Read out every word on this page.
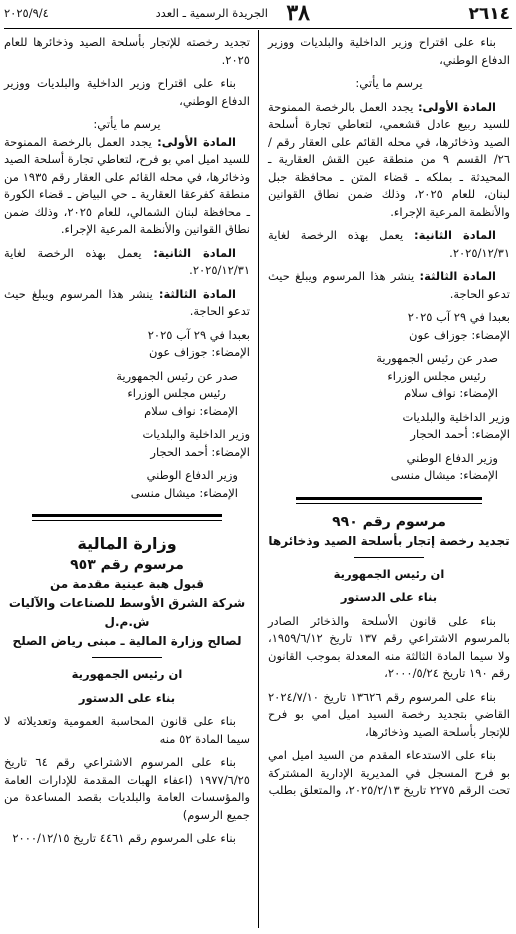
٢٦١٤
الجريدة الرسمية ـ العدد ٣٨
٢٠٢٥/٩/٤

بناء على اقتراح وزير الداخلية والبلديات ووزير الدفاع الوطني،

يرسم ما يأتي:

المادة الأولى: يجدد العمل بالرخصة الممنوحة للسيد ربيع عادل قشعمي، لتعاطي تجارة أسلحة الصيد وذخائرها، في محله القائم على العقار رقم / ٢٦/ القسم ٩ من منطقة عين القش العقارية ـ المحيدثة ـ بملكه ـ قضاء المتن ـ محافظة جبل لبنان، للعام ٢٠٢٥، وذلك ضمن نطاق القوانين والأنظمة المرعية الإجراء.

المادة الثانية: يعمل بهذه الرخصة لغاية ٢٠٢٥/١٢/٣١.

المادة الثالثة: ينشر هذا المرسوم ويبلغ حيث تدعو الحاجة.

بعبدا في ٢٩ آب ٢٠٢٥

الإمضاء: جوزاف عون

صدر عن رئيس الجمهورية

رئيس مجلس الوزراء

الإمضاء: نواف سلام

وزير الداخلية والبلديات

الإمضاء: أحمد الحجار

وزير الدفاع الوطني

الإمضاء: ميشال منسى

مرسوم رقم ٩٩٠

تجديد رخصة إتجار بأسلحة الصيد وذخائرها

ان رئيس الجمهورية

بناء على الدستور

بناء على قانون الأسلحة والذخائر الصادر بالمرسوم الاشتراعي رقم ١٣٧ تاريخ ١٩٥٩/٦/١٢، ولا سيما المادة الثالثة منه المعدلة بموجب القانون رقم ١٩٠ تاريخ ٢٠٠٠/٥/٢٤،

بناء على المرسوم رقم ١٣٦٢٦ تاريخ ٢٠٢٤/٧/١٠ القاضي بتجديد رخصة السيد اميل امي بو فرح للإتجار بأسلحة الصيد وذخائرها،

بناء على الاستدعاء المقدم من السيد اميل امي بو فرح المسجل في المديرية الإدارية المشتركة تحت الرقم ٢٢٧٥ تاريخ ٢٠٢٥/٢/١٣، والمتعلق بطلب

تجديد رخصته للإتجار بأسلحة الصيد وذخائرها للعام ٢٠٢٥.

بناء على اقتراح وزير الداخلية والبلديات ووزير الدفاع الوطني،

يرسم ما يأتي:

المادة الأولى: يجدد العمل بالرخصة الممنوحة للسيد اميل امي بو فرح، لتعاطي تجارة أسلحة الصيد وذخائرها، في محله القائم على العقار رقم ١٩٣٥ من منطقة كفرعقا العقارية ـ حي البياض ـ قضاء الكورة ـ محافظة لبنان الشمالي، للعام ٢٠٢٥، وذلك ضمن نطاق القوانين والأنظمة المرعية الإجراء.

المادة الثانية: يعمل بهذه الرخصة لغاية ٢٠٢٥/١٢/٣١.

المادة الثالثة: ينشر هذا المرسوم ويبلغ حيث تدعو الحاجة.

بعبدا في ٢٩ آب ٢٠٢٥

الإمضاء: جوزاف عون

صدر عن رئيس الجمهورية

رئيس مجلس الوزراء

الإمضاء: نواف سلام

وزير الداخلية والبلديات

الإمضاء: أحمد الحجار

وزير الدفاع الوطني

الإمضاء: ميشال منسى

وزارة المالية

مرسوم رقم ٩٥٣

قبول هبة عينية مقدمة من

شركة الشرق الأوسط للصناعات والآليات ش.م.ل

لصالح وزارة المالية ـ مبنى رياض الصلح

ان رئيس الجمهورية

بناء على الدستور

بناء على قانون المحاسبة العمومية وتعديلاته لا سيما المادة ٥٢ منه

بناء على المرسوم الاشتراعي رقم ٦٤ تاريخ ١٩٧٧/٦/٢٥ (اعفاء الهبات المقدمة للإدارات العامة والمؤسسات العامة والبلديات بقصد المساعدة من جميع الرسوم)

بناء على المرسوم رقم ٤٤٦١ تاريخ ٢٠٠٠/١٢/١٥
